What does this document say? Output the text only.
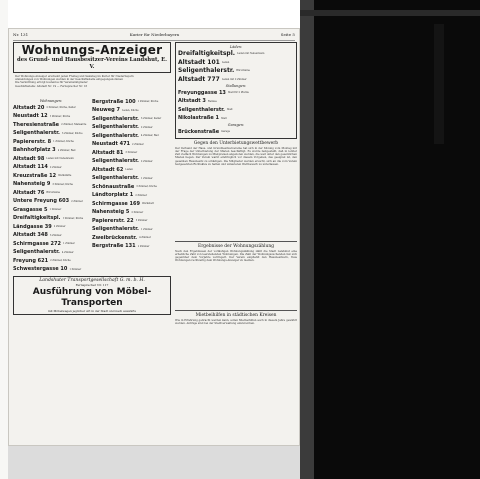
Nr. 131	Kurier für Niederbayern	Seite 5
Wohnungs-Anzeiger
des Grund- und Hausbesitzer-Vereins Landshut, E. V.
Der Wohnungs-Anzeiger erscheint jeden Freitag und Samstag im Kurier für Niederbayern
Anmeldungen von Wohnungen werden in der Geschäftsstelle entgegengenommen
Die Vermittlung erfolgt kostenlos für Vereinsmitglieder
Geschäftsstelle: Altstadt Nr. 19 — Fernsprecher Nr. 16
Wohnungen:
Altstadt 20 2 Zimmer, Küche, Keller
Neustadt 12 3 Zimmer, Küche
Theresienstraße 2 Zimmer, Mansarde
Seligenthalerstr. 3 Zimmer, Küche
Papiererstr. 8 1 Zimmer, Küche
Bahnhofplatz 3 4 Zimmer, Bad
Altstadt 98 Laden mit Nebenraum
Altstadt 114 2 Zimmer
Kreuzstraße 12 Werkstätte
Nahensteig 9 3 Zimmer, Küche
Altstadt 76 Büroräume
Untere Freyung 603 2 Zimmer
Grasgasse 5 1 Zimmer
Dreifaltigkeitspl. 5 Zimmer, Küche
Ländgasse 39 2 Zimmer
Altstadt 348 3 Zimmer
Schirmgasse 272 1 Zimmer
Seligenthalerstr. 4 Zimmer
Freyung 621 2 Zimmer, Küche
Schwestergasse 10 1 Zimmer
Bergstraße 100 2 Zimmer, Küche
Neuweg 7 Laden, Küche
Seligenthalerstr. 3 Zimmer, Keller
Seligenthalerstr. 2 Zimmer
Seligenthalerstr. 4 Zimmer, Bad
Neustadt 471 2 Zimmer
Altstadt 81 3 Zimmer
Seligenthalerstr. 2 Zimmer
Altstadt 62 Laden
Seligenthalerstr. 1 Zimmer
Schönaustraße 3 Zimmer, Küche
Ländtorplatz 1 2 Zimmer
Schirmgasse 169 Werkstatt
Nahensteig 5 2 Zimmer
Papiererstr. 22 3 Zimmer
Seligenthalerstr. 1 Zimmer
Zweibrückenstr. 4 Zimmer
Bergstraße 131 2 Zimmer
Landshuter Transportgesellschaft G. m. b. H.
Fernsprecher Nr. 117
Ausführung von Möbel-Transporten
mit Möbelwagen jeglicher Art in der Stadt und nach auswärts
Läden:
Dreifaltigkeitspl. Laden mit Nebenraum
Altstadt 101 Laden
Seligenthalerstr. Büroräume
Altstadt 777 Laden mit 2 Zimmer
Stallungen:
Freyunggasse 13 Stall für 2 Pferde
Altstadt 3 Remise
Seligenthalerstr. Stall
Nikolastraße 1 Stall
Garagen:
Brückenstraße Garage
Gegen den Unterbietungswettbewerb
Der Verband der Haus- und Grundbesitzervereine hat sich in der Sitzung vom Montag mit der Frage der Unterbietung der Mieten beschäftigt. Es wurde festgestellt, daß in letzter Zeit vielfach Wohnungen zu Mietpreisen angeboten werden, die weit unter den gesetzlichen Mieten liegen. Der Verein warnt eindringlich vor diesem Vorgehen, das geeignet ist, den gesamten Hausbesitz zu schädigen. Die Mitglieder werden ersucht, sich an die vom Verein festgesetzten Richtsätze zu halten und unlauteren Wettbewerb zu unterlassen.
Ergebnisse der Wohnungszählung
Nach den Ergebnissen der vorläufigen Wohnungszählung zählt die Stadt Landshut eine erhebliche Zahl von leerstehenden Wohnungen. Die Zahl der Wohnungssuchenden hat sich gegenüber dem Vorjahre verringert. Der Verein empfiehlt den Hausbesitzern, freie Wohnungen rechtzeitig dem Wohnungs-Anzeiger zu melden.
Mietbeihilfen in städtischen Kreisen
Wie in Erfahrung gebracht werden kann, sollen Mietbeihilfen auch in diesem Jahre gewährt werden. Anträge sind bei der Stadtverwaltung einzureichen.
